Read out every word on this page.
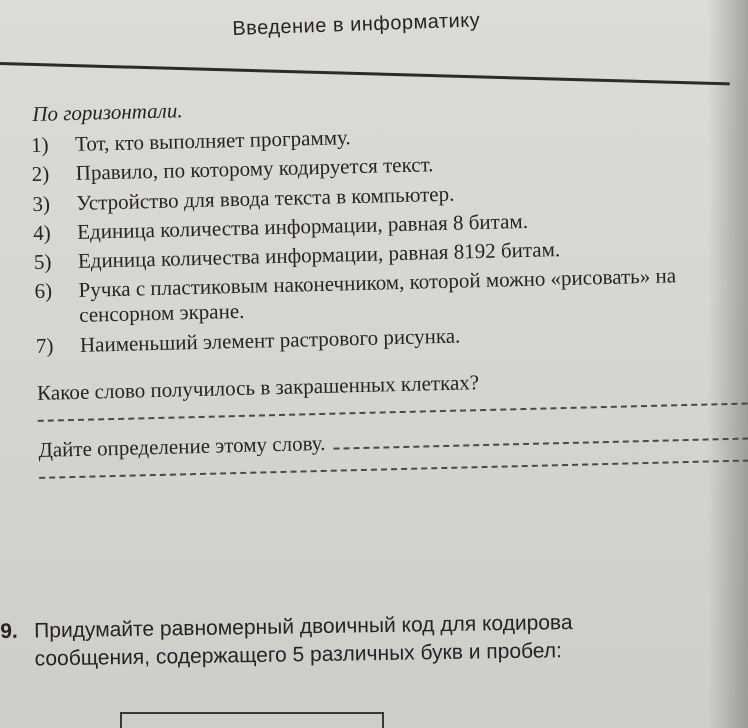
Введение в информатику
По горизонтали.
1)	Тот, кто выполняет программу.
2)	Правило, по которому кодируется текст.
3)	Устройство для ввода текста в компьютер.
4)	Единица количества информации, равная 8 битам.
5)	Единица количества информации, равная 8192 битам.
6)	Ручка с пластиковым наконечником, которой можно «рисовать» на сенсорном экране.
7)	Наименьший элемент растрового рисунка.
Какое слово получилось в закрашенных клетках?
Дайте определение этому слову.
9. Придумайте равномерный двоичный код для кодирова
сообщения, содержащего 5 различных букв и пробел:
